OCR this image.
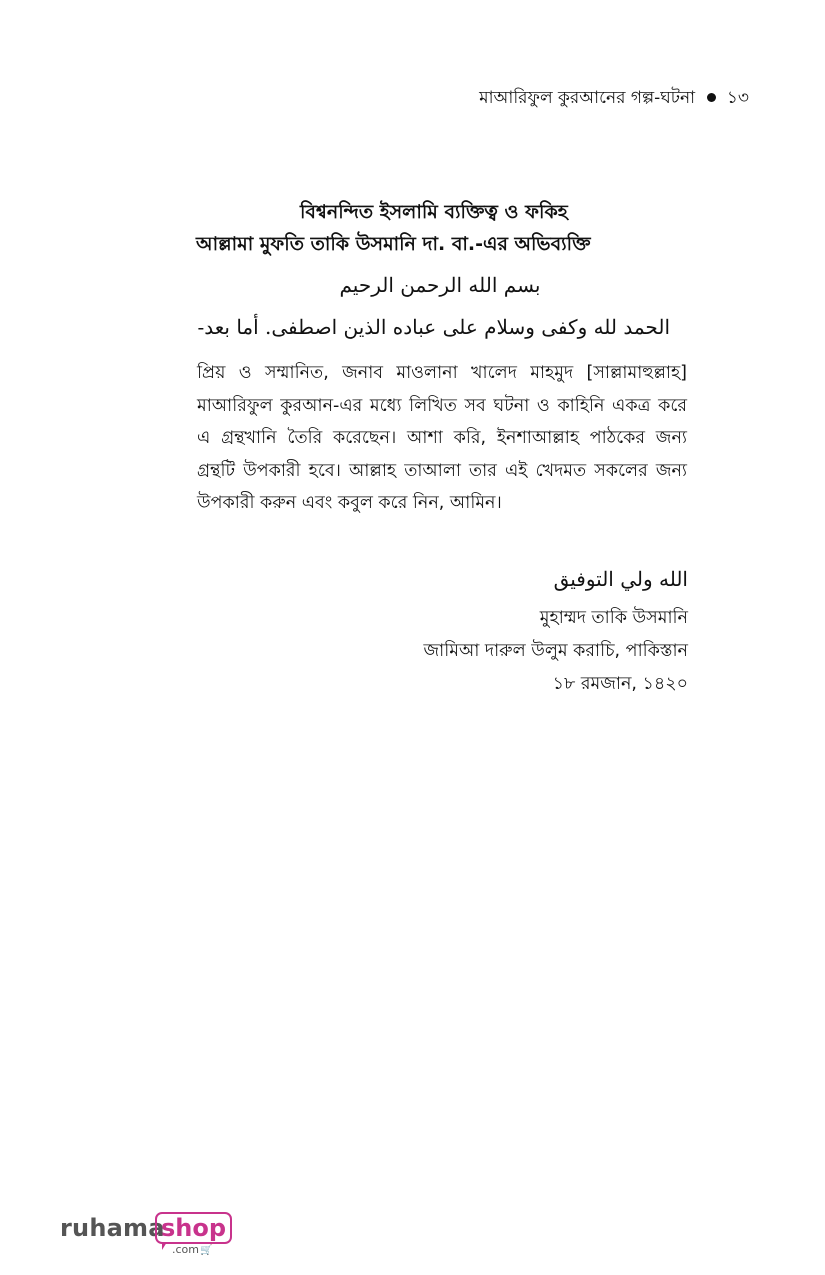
মাআরিফুল কুরআনের গল্প-ঘটনা ১৩
বিশ্বনন্দিত ইসলামি ব্যক্তিত্ব ও ফকিহ
আল্লামা মুফতি তাকি উসমানি দা. বা.-এর অভিব্যক্তি
بسم الله الرحمن الرحيم
الحمد لله وكفى وسلام على عباده الذين اصطفى. أما بعد-

প্রিয় ও সম্মানিত, জনাব মাওলানা খালেদ মাহমুদ [সাল্লামাহুল্লাহ] মাআরিফুল কুরআন-এর মধ্যে লিখিত সব ঘটনা ও কাহিনি একত্র করে এ গ্রন্থখানি তৈরি করেছেন। আশা করি, ইনশাআল্লাহ পাঠকের জন্য গ্রন্থটি উপকারী হবে। আল্লাহ তাআলা তার এই খেদমত সকলের জন্য উপকারী করুন এবং কবুল করে নিন, আমিন।

الله ولي التوفيق
মুহাম্মদ তাকি উসমানি
জামিআ দারুল উলুম করাচি, পাকিস্তান
১৮ রমজান, ১৪২০
ruhama
shop
.com🛒
